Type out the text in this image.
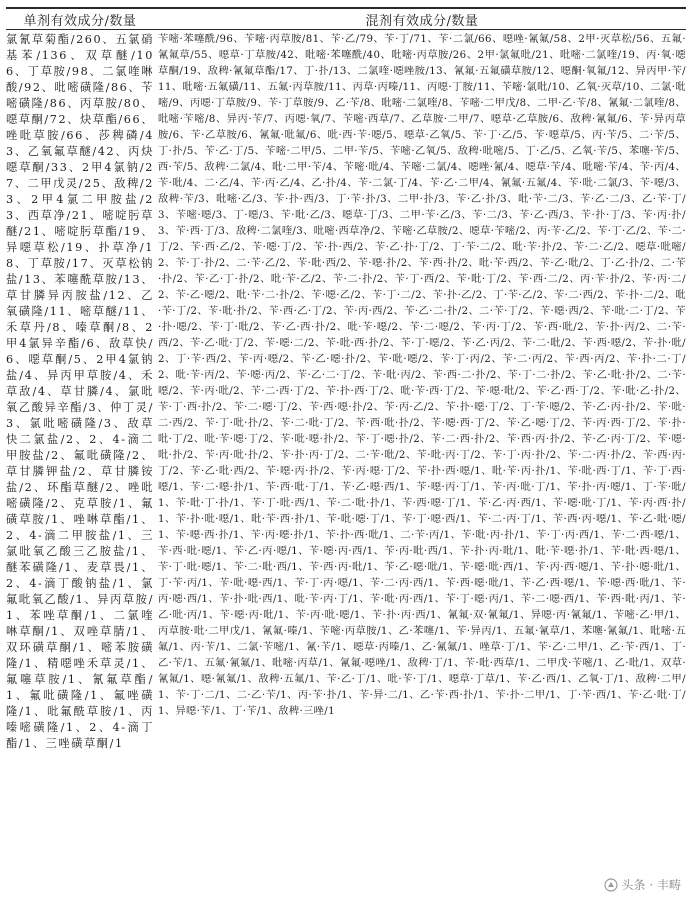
单剂有效成分/数量	混剂有效成分/数量
氯氰草菊酯/260、五氯硝基苯/136、双草醚/106、丁草胺/98、二氯喹啉酸/92、吡嘧磺隆/86、苄嘧磺隆/86、丙草胺/80、噁草酮/72、炔草酯/66、唑吡草胺/66、莎稗磷/43、乙氧氟草醚/42、丙炔噁草酮/33、2甲4氯钠/27、二甲戊灵/25、敌稗/23、2甲4氯二甲胺盐/23、西草净/21、嘧啶肟草醚/21、嘧啶肟草酯/19、异噁草松/19、扑草净/18、丁草胺/17、灭草松钠盐/13、苯噻酰草胺/13、草甘膦异丙胺盐/12、乙氧磺隆/11、嘧草醚/11、禾草丹/8、嗪草酮/8、2甲4氯异辛酯/6、敌草快/6、噁草酮/5、2甲4氯钠盐/4、异丙甲草胺/4、禾草敌/4、草甘膦/4、氯吡氧乙酸异辛酯/3、仲丁灵/3、氯吡嘧磺隆/3、敌草快二氯盐/2、2、4-滴二甲胺盐/2、氟吡磺隆/2、草甘膦钾盐/2、草甘膦铵盐/2、环酯草醚/2、唑吡嘧磺隆/2、克草胺/1、氟磺草胺/1、唑啉草酯/1、2、4-滴二甲胺盐/1、三氯吡氧乙酸三乙胺盐/1、醚苯磺隆/1、麦草畏/1、2、4-滴丁酸钠盐/1、氯氟吡氧乙酸/1、异丙草胺/1、苯唑草酮/1、二氯喹啉草酮/1、双唑草腈/1、双环磺草酮/1、嘧苯胺磺隆/1、精噁唑禾草灵/1、氟噻草胺/1、氰氟草酯/1、氟吡磺隆/1、氟唑磺隆/1、吡氟酰草胺/1、丙嗪嘧磺隆/1、2、4-滴丁酯/1、三唑磺草酮/1
苄嘧·苯噻酰/96、苄嘧·丙草胺/81、苄·乙/79、苄·丁/71、苄·二氯/66、噁唑·氰氟/58、2甲·灭草松/56、五氟·氰氟草/55、噁草·丁草胺/42、吡嘧·苯噻酰/40、吡嘧·丙草胺/26、2甲·氯氟吡/21、吡嘧·二氯喹/19、丙·氧·噁草酮/19、敌稗·氰氟草酯/17、丁·扑/13、二氯喹·噁唑胺/13、氰氟·五氟磺草胺/12、噁酮·氧氟/12、异丙甲·苄/11、吡嘧·五氟磺/11、五氟·丙草胺/11、丙草·丙嗪/11、丙噁·丁胺/11、苄嘧·氯吡/10、乙氧·灭草/10、二氯·吡嘧/9、丙噁·丁草胺/9、苄·丁草胺/9、乙·苄/8、吡嘧·二氯喹/8、苄嘧·二甲戊/8、二甲·乙·苄/8、氰氟·二氯喹/8、吡嘧·苄嘧/8、异丙·苄/7、丙噁·氧/7、苄嘧·西草/7、乙草胺·二甲/7、噁草·乙草胺/6、敌稗·氰氟/6、苄·异丙草胺/6、苄·乙草胺/6、氰氟·吡氟/6、吡·西·苄·噁/5、噁草·乙氧/5、苄·丁·乙/5、苄·噁草/5、丙·苄/5、二·苄/5、丁·扑/5、苄·乙·丁/5、苄嘧·二甲/5、二甲·苄/5、苄嘧·乙氧/5、敌稗·吡嘧/5、丁·乙/5、乙氧·苄/5、苯噻·苄/5、西·苄/5、敌稗·二氯/4、吡·二甲·苄/4、苄嘧·吡/4、苄嘧·二氯/4、噁唑·氰/4、噁草·苄/4、吡嘧·苄/4、苄·丙/4、苄·吡/4、二·乙/4、苄·丙·乙/4、乙·扑/4、苄·二氯·丁/4、苄·乙·二甲/4、氰氟·五氟/4、苄·吡·二氯/3、苄·噁/3、敌稗·苄/3、吡嘧·乙/3、苄·扑·西/3、丁·苄·扑/3、二甲·扑/3、苄·乙·扑/3、吡·苄·二/3、苄·乙·二/3、乙·苄·丁/3、苄嘧·噁/3、丁·噁/3、苄·吡·乙/3、噁草·丁/3、二甲·苄·乙/3、苄·二/3、苄·乙·西/3、苄·扑·丁/3、苄·丙·扑/3、苄·西·丁/3、敌稗·二氯喹/3、吡嘧·西草净/2、苄嘧·乙草胺/2、噁草·苄嘧/2、丙·苄·乙/2、苄·丁·乙/2、苄·二·丁/2、苄·西·乙/2、苄·噁·丁/2、苄·扑·西/2、苄·乙·扑·丁/2、丁·苄·二/2、吡·苄·扑/2、苄·二·乙/2、噁草·吡嘧/2、苄·丁·扑/2、二·苄·乙/2、苄·吡·西/2、苄·噁·扑/2、苄·西·扑/2、吡·苄·西/2、苄·乙·吡/2、丁·乙·扑/2、二·苄·扑/2、苄·乙·丁·扑/2、吡·苄·乙/2、苄·二·扑/2、苄·丁·西/2、苄·吡·丁/2、苄·西·二/2、丙·苄·扑/2、苄·丙·二/2、苄·乙·噁/2、吡·苄·二·扑/2、苄·噁·乙/2、苄·丁·二/2、苄·扑·乙/2、丁·苄·乙/2、苄·二·西/2、苄·扑·二/2、吡·苄·丁/2、苄·吡·扑/2、苄·西·乙·丁/2、苄·丙·西/2、苄·乙·二·扑/2、二·苄·丁/2、苄·噁·西/2、苄·吡·二·丁/2、苄·扑·噁/2、苄·丁·吡/2、苄·乙·西·扑/2、吡·苄·噁/2、苄·二·噁/2、苄·丙·丁/2、苄·西·吡/2、苄·扑·丙/2、二·苄·西/2、苄·乙·吡·丁/2、苄·噁·二/2、苄·吡·西·扑/2、苄·丁·噁/2、苄·乙·丙/2、苄·二·吡/2、苄·西·噁/2、苄·扑·吡/2、丁·苄·西/2、苄·丙·噁/2、苄·乙·噁·扑/2、苄·吡·噁/2、苄·丁·丙/2、苄·二·丙/2、苄·西·丙/2、苄·扑·二·丁/2、吡·苄·丙/2、苄·噁·丙/2、苄·乙·二·丁/2、苄·吡·丙/2、苄·西·二·扑/2、苄·丁·二·扑/2、苄·乙·吡·扑/2、二·苄·噁/2、苄·丙·吡/2、苄·二·西·丁/2、苄·扑·西·丁/2、吡·苄·西·丁/2、苄·噁·吡/2、苄·乙·西·丁/2、苄·吡·乙·扑/2、苄·丁·西·扑/2、苄·二·噁·丁/2、苄·西·噁·扑/2、苄·丙·乙/2、苄·扑·噁·丁/2、丁·苄·噁/2、苄·乙·丙·扑/2、苄·吡·二·西/2、苄·丁·吡·扑/2、苄·二·吡·丁/2、苄·西·吡·扑/2、苄·噁·西·丁/2、苄·乙·噁·丁/2、苄·丙·西·丁/2、苄·扑·吡·丁/2、吡·苄·噁·丁/2、苄·吡·噁·扑/2、苄·丁·噁·扑/2、苄·二·西·扑/2、苄·西·丙·扑/2、苄·乙·丙·丁/2、苄·噁·吡·扑/2、苄·丙·吡·扑/2、苄·扑·丙·丁/2、二·苄·吡/2、苄·吡·丙·丁/2、苄·丁·丙·扑/2、苄·二·丙·扑/2、苄·西·丙·丁/2、苄·乙·吡·西/2、苄·噁·丙·扑/2、苄·丙·噁·丁/2、苄·扑·西·噁/1、吡·苄·丙·扑/1、苄·吡·西·丁/1、苄·丁·西·噁/1、苄·二·噁·扑/1、苄·西·吡·丁/1、苄·乙·噁·西/1、苄·噁·丙·丁/1、苄·丙·吡·丁/1、苄·扑·丙·噁/1、丁·苄·吡/1、苄·吡·丁·扑/1、苄·丁·吡·西/1、苄·二·吡·扑/1、苄·西·噁·丁/1、苄·乙·丙·西/1、苄·噁·吡·丁/1、苄·丙·西·扑/1、苄·扑·吡·噁/1、吡·苄·西·扑/1、苄·吡·噁·丁/1、苄·丁·噁·西/1、苄·二·丙·丁/1、苄·西·丙·噁/1、苄·乙·吡·噁/1、苄·噁·西·扑/1、苄·丙·噁·扑/1、苄·扑·西·吡/1、二·苄·丙/1、苄·吡·丙·扑/1、苄·丁·丙·西/1、苄·二·西·噁/1、苄·西·吡·噁/1、苄·乙·丙·噁/1、苄·噁·丙·西/1、苄·丙·吡·西/1、苄·扑·丙·吡/1、吡·苄·噁·扑/1、苄·吡·西·噁/1、苄·丁·吡·噁/1、苄·二·吡·西/1、苄·西·丙·吡/1、苄·乙·噁·吡/1、苄·噁·吡·西/1、苄·丙·西·噁/1、苄·扑·噁·吡/1、丁·苄·丙/1、苄·吡·噁·西/1、苄·丁·丙·噁/1、苄·二·丙·西/1、苄·西·噁·吡/1、苄·乙·西·噁/1、苄·噁·西·吡/1、苄·丙·噁·西/1、苄·扑·吡·西/1、吡·苄·丙·丁/1、苄·吡·丙·西/1、苄·丁·噁·丙/1、苄·二·噁·西/1、苄·西·吡·丙/1、苄·乙·吡·丙/1、苄·噁·丙·吡/1、苄·丙·吡·噁/1、苄·扑·丙·西/1、氰氟·双·氰氟/1、异噁·丙·氰氟/1、苄嘧·乙·甲/1、丙草胺·吡·二甲戊/1、氰氟·嗪/1、苄嘧·丙草胺/1、乙·苯噻/1、苄·异丙/1、五氟·氰草/1、苯噻·氰氟/1、吡嘧·五氟/1、丙·苄/1、二氯·苄嘧/1、氰·苄/1、噁草·丙嗪/1、乙·氰氟/1、唑草·丁/1、苄·乙·二甲/1、乙·苄·西/1、丁·乙·苄/1、五氟·氰氟/1、吡嘧·丙草/1、氰氟·噁唑/1、敌稗·丁/1、苄·吡·西草/1、二甲戊·苄嘧/1、乙·吡/1、双草·氰氟/1、噁·氰氟/1、敌稗·五氟/1、苄·乙·丁/1、吡·苄·丁/1、噁草·丁草/1、苄·乙·西/1、乙氧·丁/1、敌稗·二甲/1、苄·丁·二/1、二·乙·苄/1、丙·苄·扑/1、苄·异·二/1、乙·苄·西·扑/1、苄·扑·二甲/1、丁·苄·西/1、苄·乙·吡·丁/1、异噁·苄/1、丁·苄/1、敌稗·三唑/1
头条 · 丰畴
